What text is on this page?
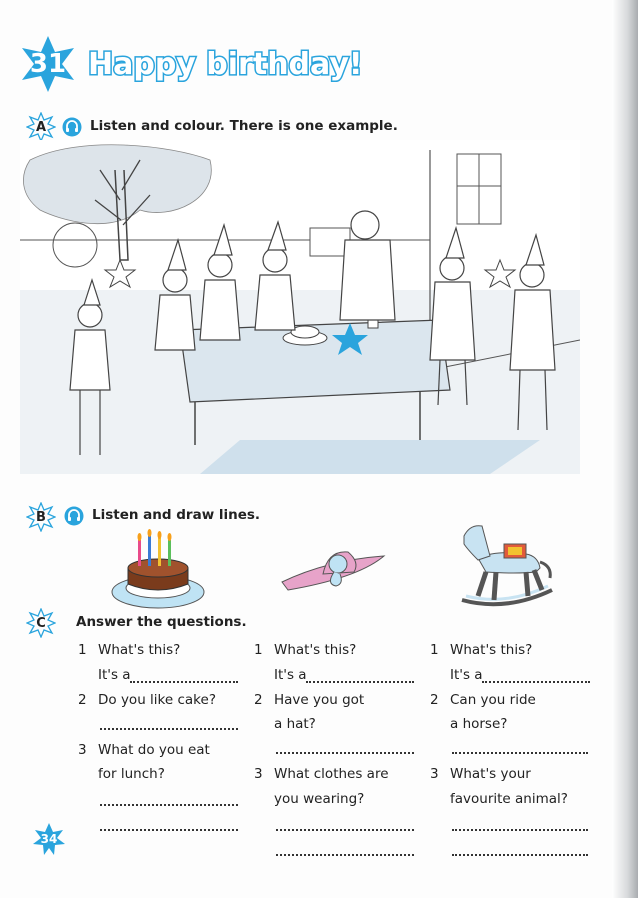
31 Happy birthday!
A	Listen and colour. There is one example.
B	Listen and draw lines.
C	Answer the questions.
1 What's this?
It's a
2 Do you like cake?
3 What do you eat
for lunch?
1 What's this?
It's a
2 Have you got
a hat?
3 What clothes are
you wearing?
1 What's this?
It's a
2 Can you ride
a horse?
3 What's your
favourite animal?
34
